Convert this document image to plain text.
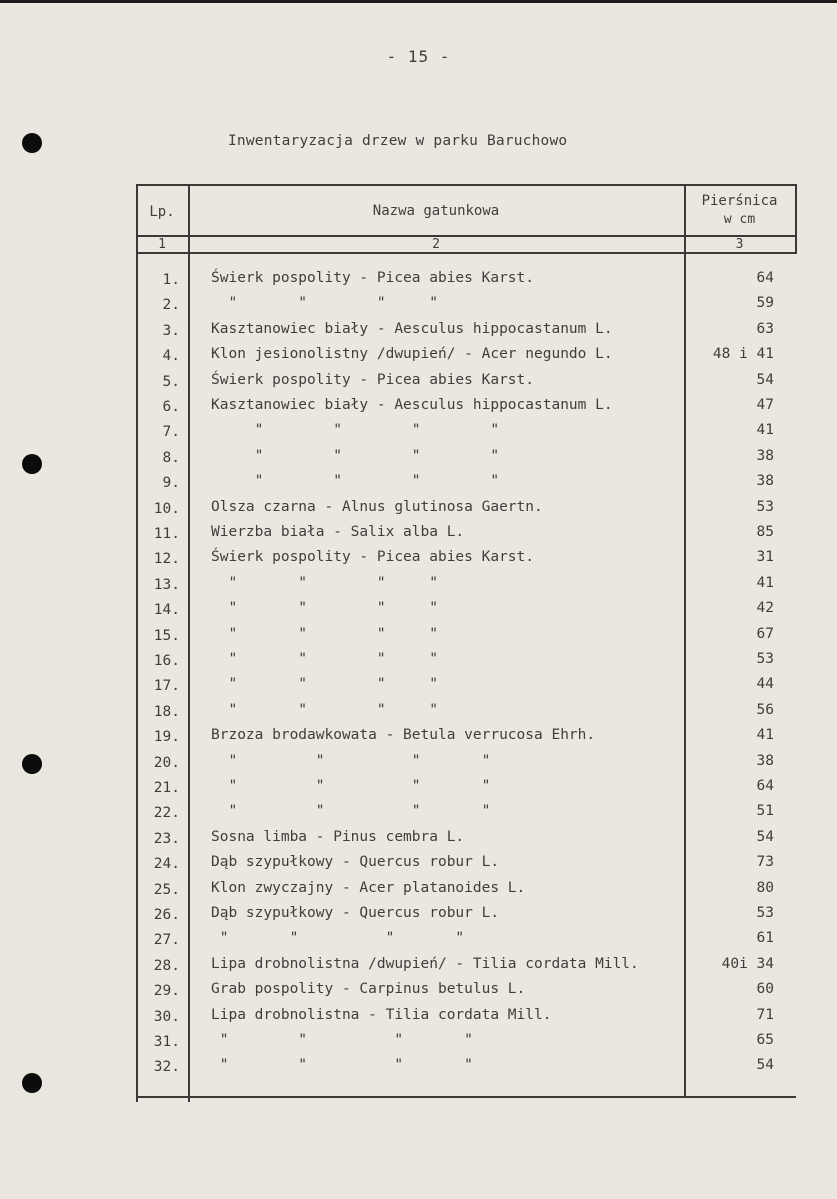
- 15 -
Inwentaryzacja drzew w parku Baruchowo
Lp.	Nazwa gatunkowa
Pierśnica
w cm
1	2	3
1. Świerk pospolity - Picea abies Karst.	64
2. "       "        "     "	59
3. Kasztanowiec biały - Aesculus hippocastanum L.	63
4. Klon jesionolistny /dwupień/ - Acer negundo L.	48 i 41
5. Świerk pospolity - Picea abies Karst.	54
6. Kasztanowiec biały - Aesculus hippocastanum L.	47
7. "        "        "        "	41
8. "        "        "        "	38
9. "        "        "        "	38
10. Olsza czarna - Alnus glutinosa Gaertn.	53
11. Wierzba biała - Salix alba L.	85
12. Świerk pospolity - Picea abies Karst.	31
13. "       "        "     "	41
14. "       "        "     "	42
15. "       "        "     "	67
16. "       "        "     "	53
17. "       "        "     "	44
18. "       "        "     "	56
19. Brzoza brodawkowata - Betula verrucosa Ehrh.	41
20. "         "          "       "	38
21. "         "          "       "	64
22. "         "          "       "	51
23. Sosna limba - Pinus cembra L.	54
24. Dąb szypułkowy - Quercus robur L.	73
25. Klon zwyczajny - Acer platanoides L.	80
26. Dąb szypułkowy - Quercus robur L.	53
27. "       "          "       "	61
28. Lipa drobnolistna /dwupień/ - Tilia cordata Mill.	40i 34
29. Grab pospolity - Carpinus betulus L.	60
30. Lipa drobnolistna - Tilia cordata Mill.	71
31. "        "          "       "	65
32. "        "          "       "	54
